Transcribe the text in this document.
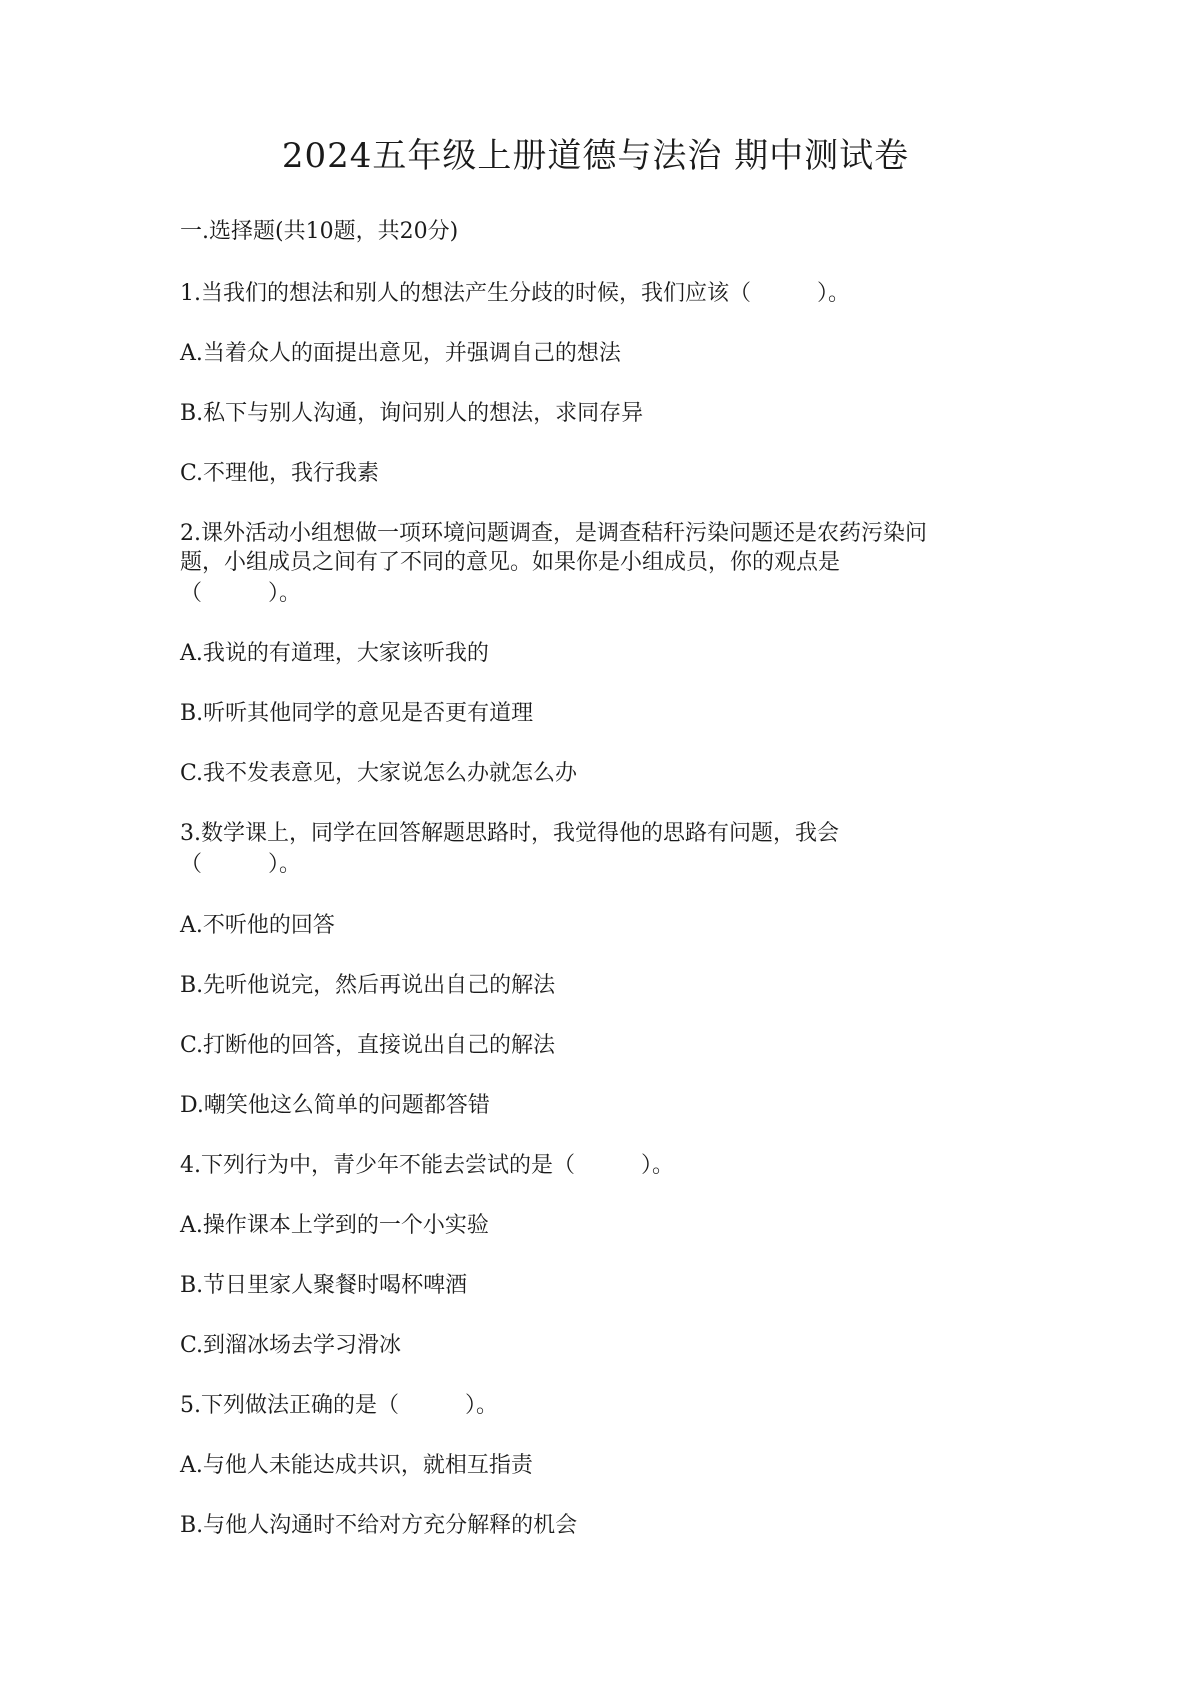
2024五年级上册道德与法治 期中测试卷
一.选择题(共10题，共20分)
1.当我们的想法和别人的想法产生分歧的时候，我们应该（　　　）。
A.当着众人的面提出意见，并强调自己的想法
B.私下与别人沟通，询问别人的想法，求同存异
C.不理他，我行我素
2.课外活动小组想做一项环境问题调查，是调查秸秆污染问题还是农药污染问
题，小组成员之间有了不同的意见。如果你是小组成员，你的观点是
（　　　）。
A.我说的有道理，大家该听我的
B.听听其他同学的意见是否更有道理
C.我不发表意见，大家说怎么办就怎么办
3.数学课上，同学在回答解题思路时，我觉得他的思路有问题，我会
（　　　）。
A.不听他的回答
B.先听他说完，然后再说出自己的解法
C.打断他的回答，直接说出自己的解法
D.嘲笑他这么简单的问题都答错
4.下列行为中，青少年不能去尝试的是（　　　）。
A.操作课本上学到的一个小实验
B.节日里家人聚餐时喝杯啤酒
C.到溜冰场去学习滑冰
5.下列做法正确的是（　　　）。
A.与他人未能达成共识，就相互指责
B.与他人沟通时不给对方充分解释的机会
